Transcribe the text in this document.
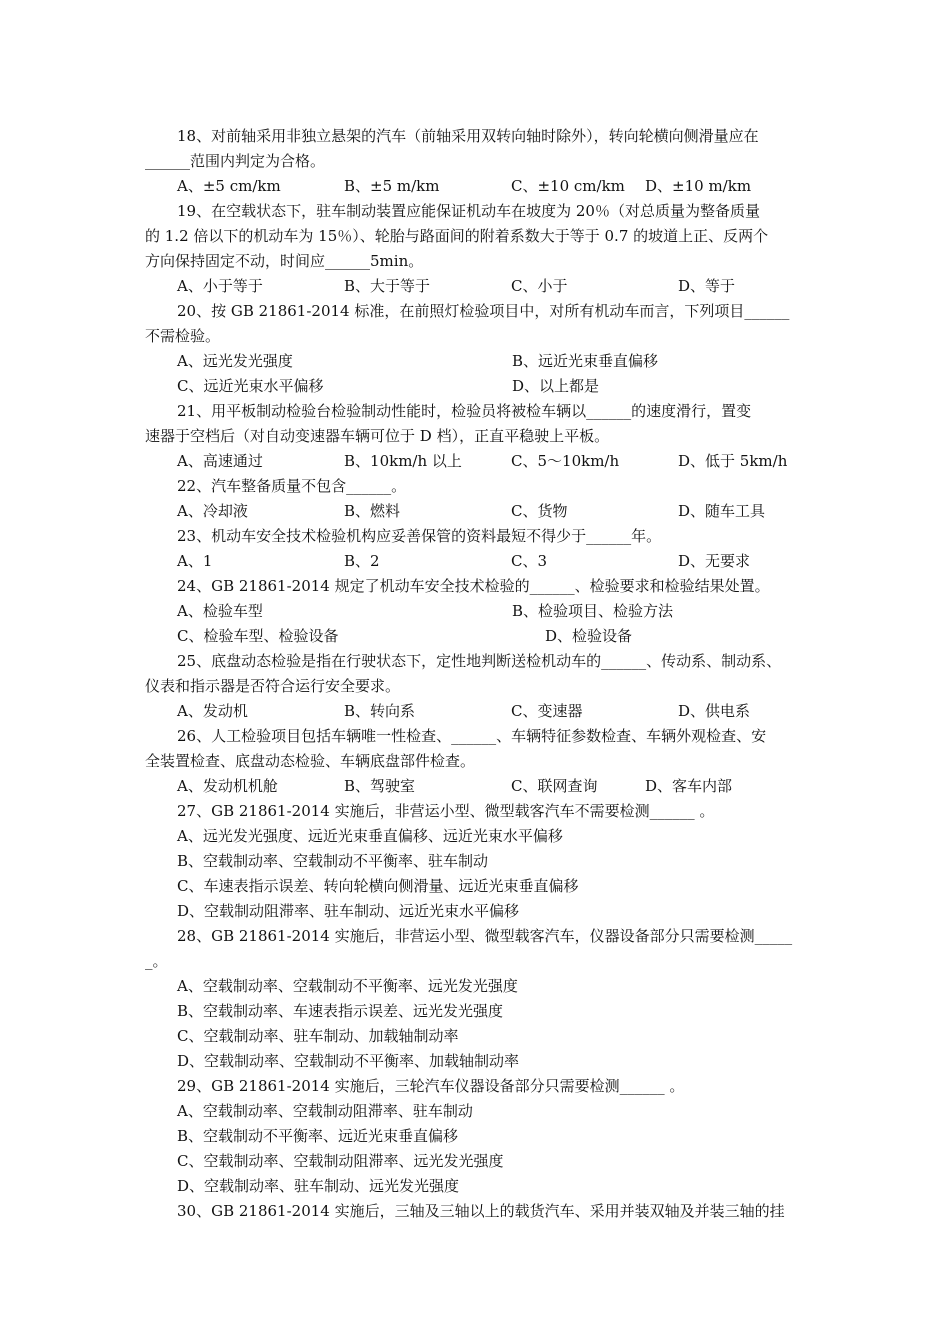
18、对前轴采用非独立悬架的汽车（前轴采用双转向轴时除外），转向轮横向侧滑量应在
______范围内判定为合格。
A、±5 cm/km	B、±5 m/km	C、±10 cm/km	D、±10 m/km
19、在空载状态下，驻车制动装置应能保证机动车在坡度为 20％（对总质量为整备质量
的 1.2 倍以下的机动车为 15％）、轮胎与路面间的附着系数大于等于 0.7 的坡道上正、反两个
方向保持固定不动，时间应______5min。
A、小于等于	B、大于等于	C、小于	D、等于
20、按 GB 21861-2014 标准，在前照灯检验项目中，对所有机动车而言，下列项目______
不需检验。
A、远光发光强度	B、远近光束垂直偏移
C、远近光束水平偏移	D、以上都是
21、用平板制动检验台检验制动性能时，检验员将被检车辆以______的速度滑行，置变
速器于空档后（对自动变速器车辆可位于 D 档），正直平稳驶上平板。
A、高速通过	B、10km/h 以上	C、5～10km/h	D、低于 5km/h
22、汽车整备质量不包含______。
A、冷却液	B、燃料	C、货物	D、随车工具
23、机动车安全技术检验机构应妥善保管的资料最短不得少于______年。
A、1	B、2	C、3	D、无要求
24、GB 21861-2014 规定了机动车安全技术检验的______、检验要求和检验结果处置。
A、检验车型	B、检验项目、检验方法
C、检验车型、检验设备	D、检验设备
25、底盘动态检验是指在行驶状态下，定性地判断送检机动车的______、传动系、制动系、
仪表和指示器是否符合运行安全要求。
A、发动机	B、转向系	C、变速器	D、供电系
26、人工检验项目包括车辆唯一性检查、______、车辆特征参数检查、车辆外观检查、安
全装置检查、底盘动态检验、车辆底盘部件检查。
A、发动机机舱	B、驾驶室	C、联网查询	D、客车内部
27、GB 21861-2014 实施后，非营运小型、微型载客汽车不需要检测______ 。
A、远光发光强度、远近光束垂直偏移、远近光束水平偏移
B、空载制动率、空载制动不平衡率、驻车制动
C、车速表指示误差、转向轮横向侧滑量、远近光束垂直偏移
D、空载制动阻滞率、驻车制动、远近光束水平偏移
28、GB 21861-2014 实施后，非营运小型、微型载客汽车，仪器设备部分只需要检测_____
_。
A、空载制动率、空载制动不平衡率、远光发光强度
B、空载制动率、车速表指示误差、远光发光强度
C、空载制动率、驻车制动、加载轴制动率
D、空载制动率、空载制动不平衡率、加载轴制动率
29、GB 21861-2014 实施后，三轮汽车仪器设备部分只需要检测______ 。
A、空载制动率、空载制动阻滞率、驻车制动
B、空载制动不平衡率、远近光束垂直偏移
C、空载制动率、空载制动阻滞率、远光发光强度
D、空载制动率、驻车制动、远光发光强度
30、GB 21861-2014 实施后，三轴及三轴以上的载货汽车、采用并装双轴及并装三轴的挂
